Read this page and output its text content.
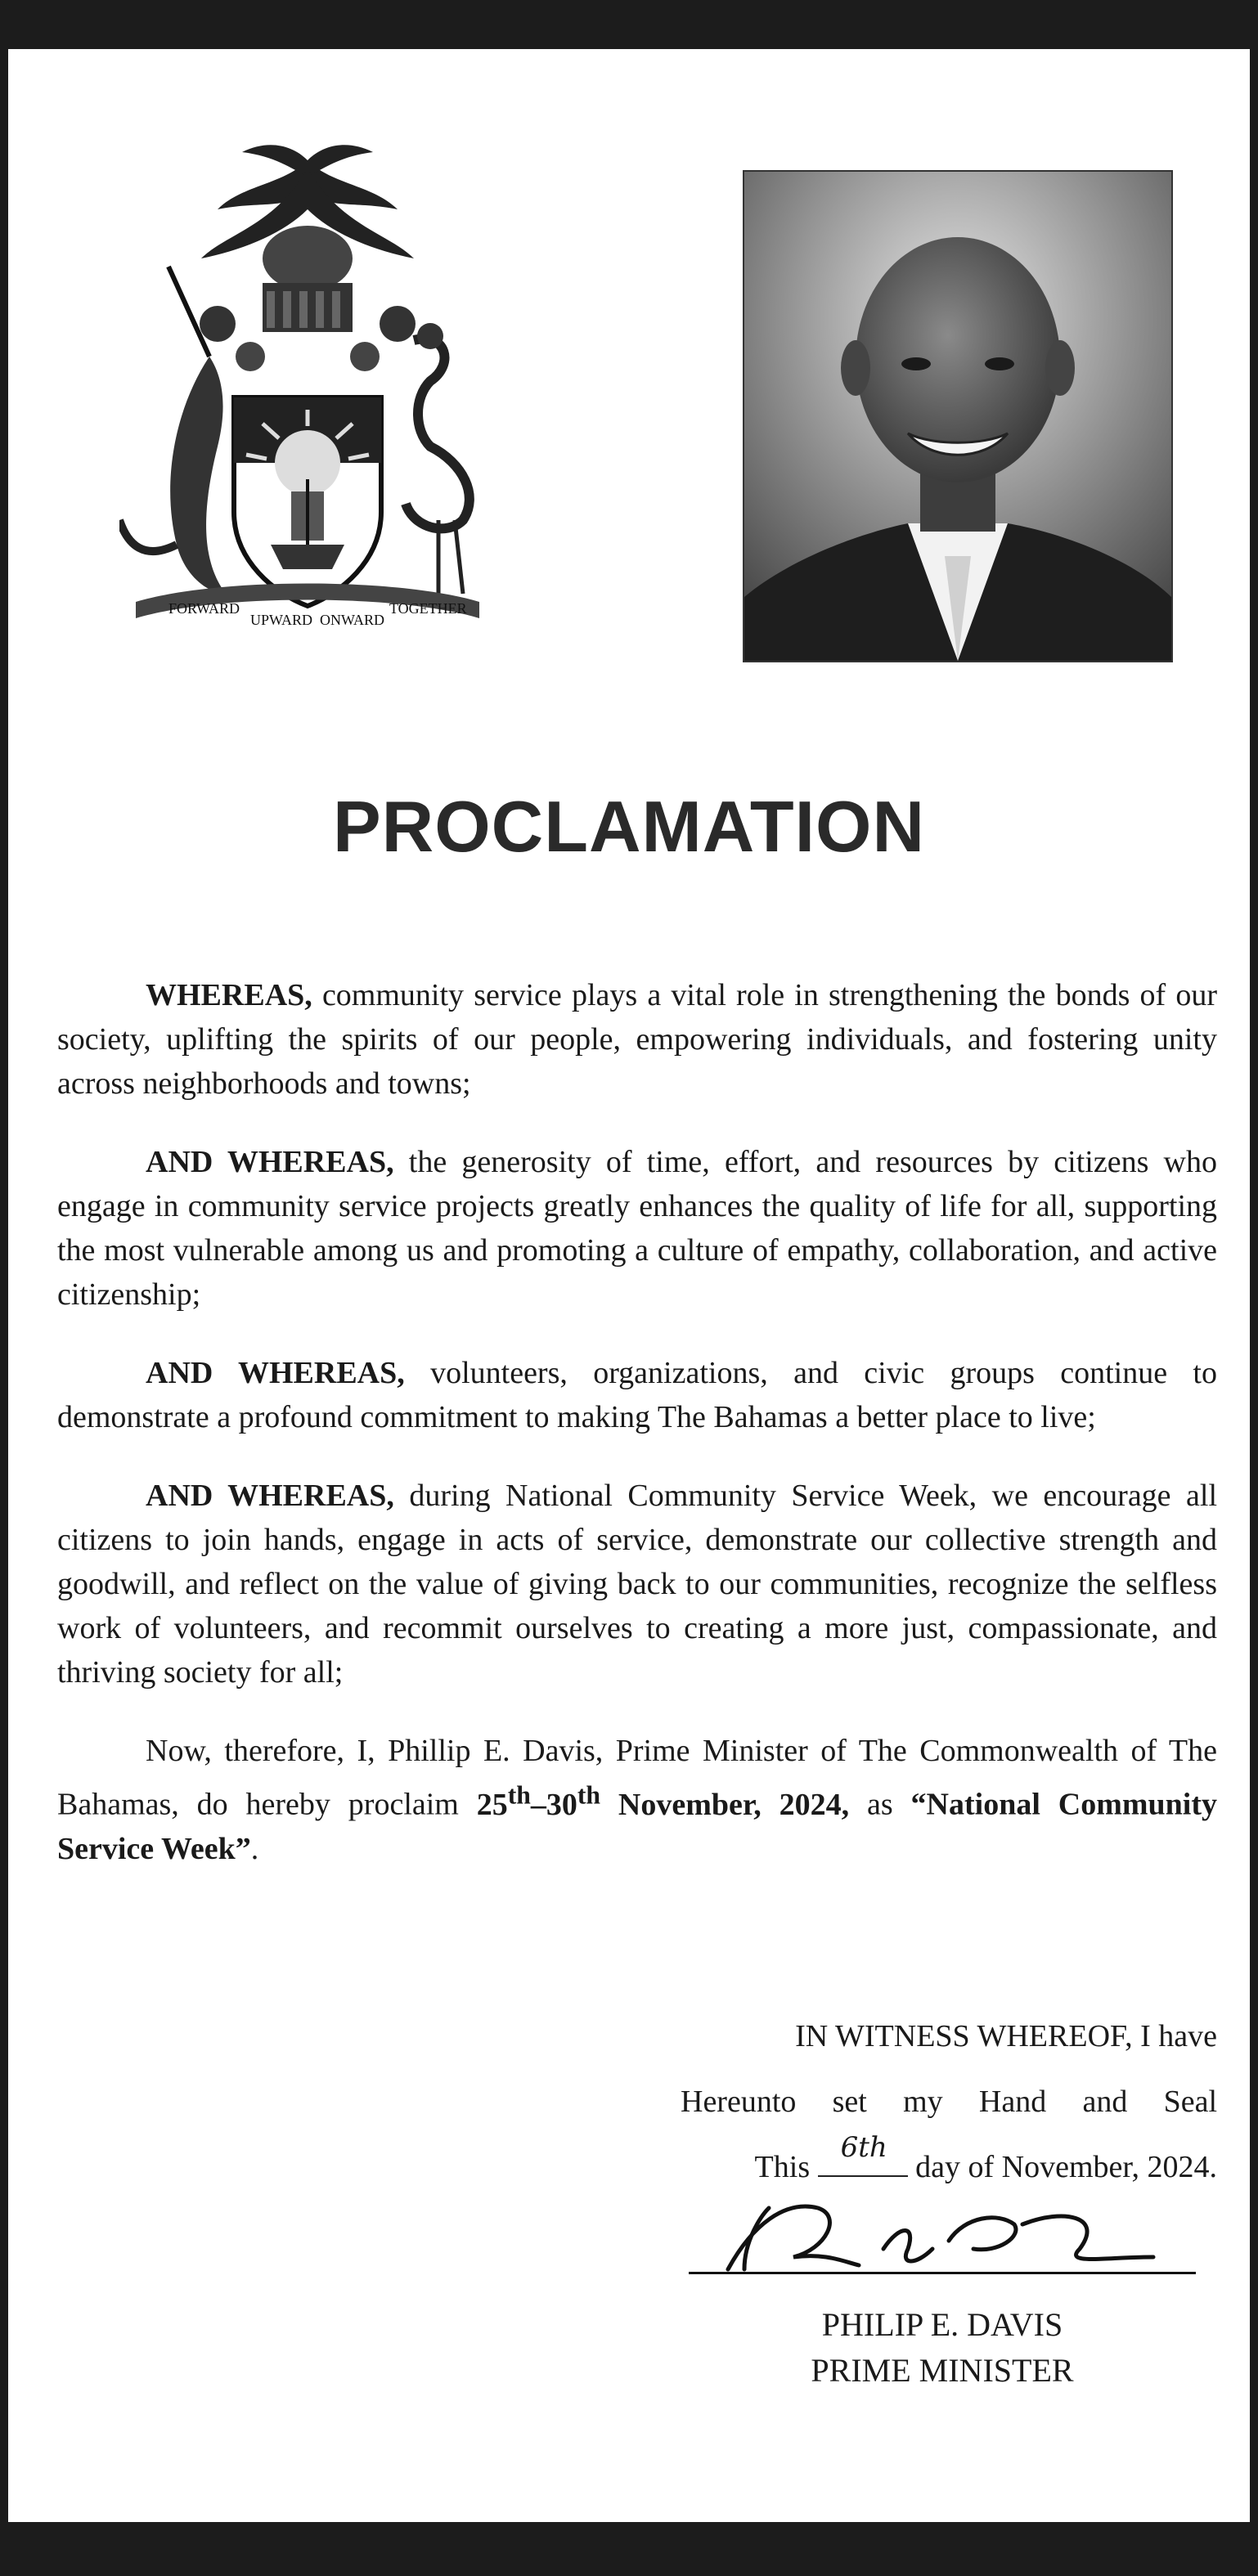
FORWARD
UPWARD ONWARD
TOGETHER
PROCLAMATION

WHEREAS, community service plays a vital role in strengthening the bonds of our society, uplifting the spirits of our people, empowering individuals, and fostering unity across neighborhoods and towns;

AND WHEREAS, the generosity of time, effort, and resources by citizens who engage in community service projects greatly enhances the quality of life for all, supporting the most vulnerable among us and promoting a culture of empathy, collaboration, and active citizenship;

AND WHEREAS, volunteers, organizations, and civic groups continue to demonstrate a profound commitment to making The Bahamas a better place to live;

AND WHEREAS, during National Community Service Week, we encourage all citizens to join hands, engage in acts of service, demonstrate our collective strength and goodwill, and reflect on the value of giving back to our communities, recognize the selfless work of volunteers, and recommit ourselves to creating a more just, compassionate, and thriving society for all;

Now, therefore, I, Phillip E. Davis, Prime Minister of The Commonwealth of The Bahamas, do hereby proclaim 25th–30th November, 2024, as “National Community Service Week”.

IN WITNESS WHEREOF, I have
Hereunto set my Hand and Seal
This
6th
day of November, 2024.
PHILIP E. DAVIS
PRIME MINISTER
